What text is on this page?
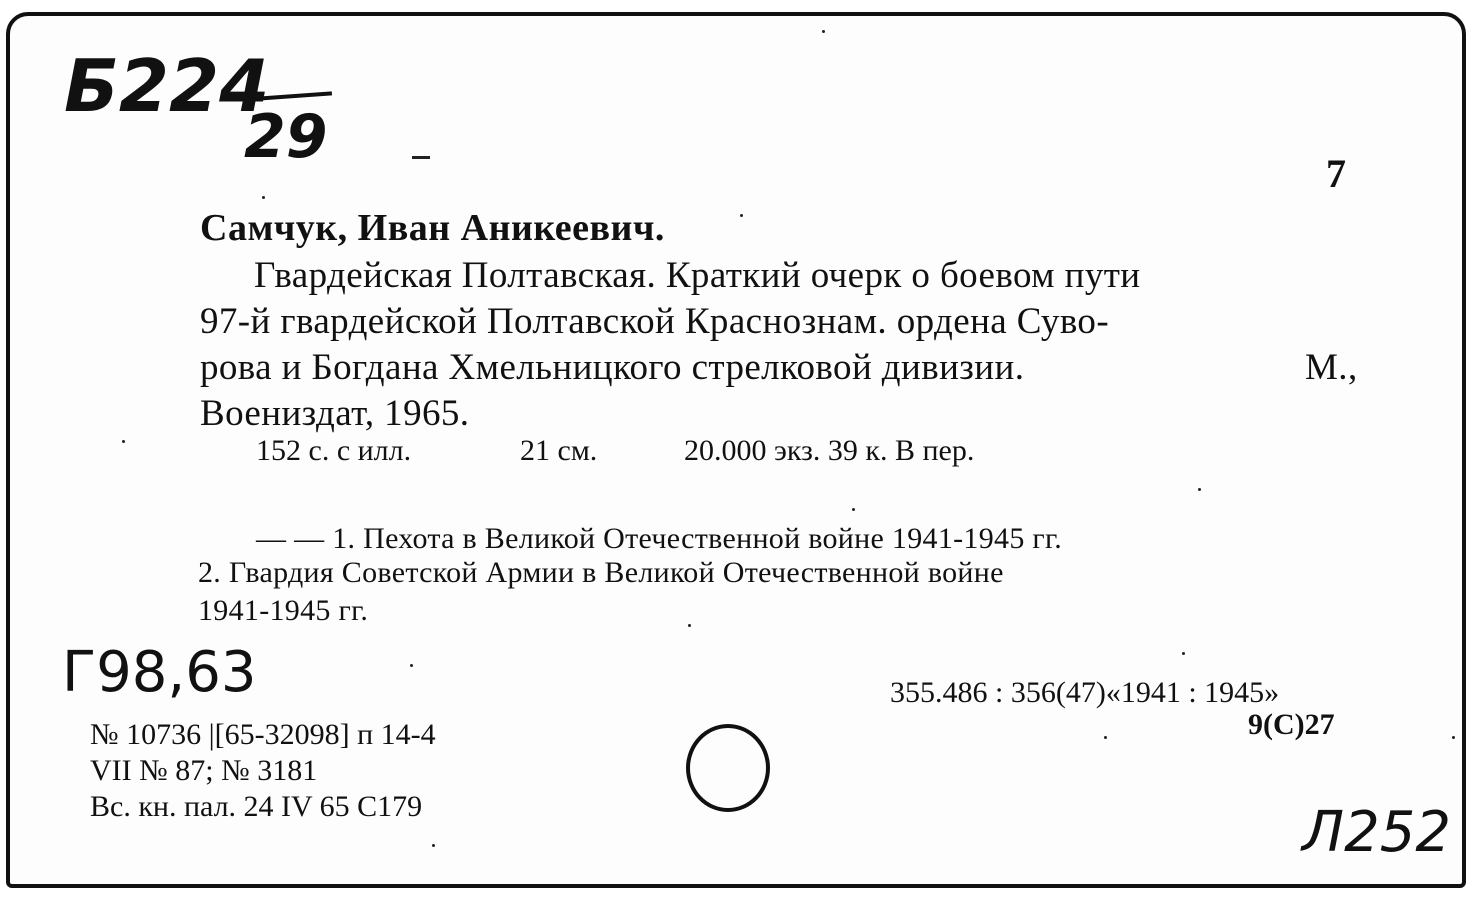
Б224
29
7
Самчук, Иван Аникеевич.
Гвардейская Полтавская. Краткий очерк о боевом пути
97-й гвардейской Полтавской Краснознам. ордена Суво-
рова и Богдана Хмельницкого стрелковой дивизии.	М.,
Воениздат, 1965.
152 с. с илл.	21 см.	20.000 экз. 39 к. В пер.
— — 1. Пехота в Великой Отечественной войне 1941-1945 гг.
2. Гвардия Советской Армии в Великой Отечественной войне
1941-1945 гг.
Г98,63	355.486 : 356(47)«1941 : 1945»
9(С)27
№ 10736 |[65-32098] п 14-4
VII № 87; № 3181
Вс. кн. пал. 24 IV 65 С179	Л252
